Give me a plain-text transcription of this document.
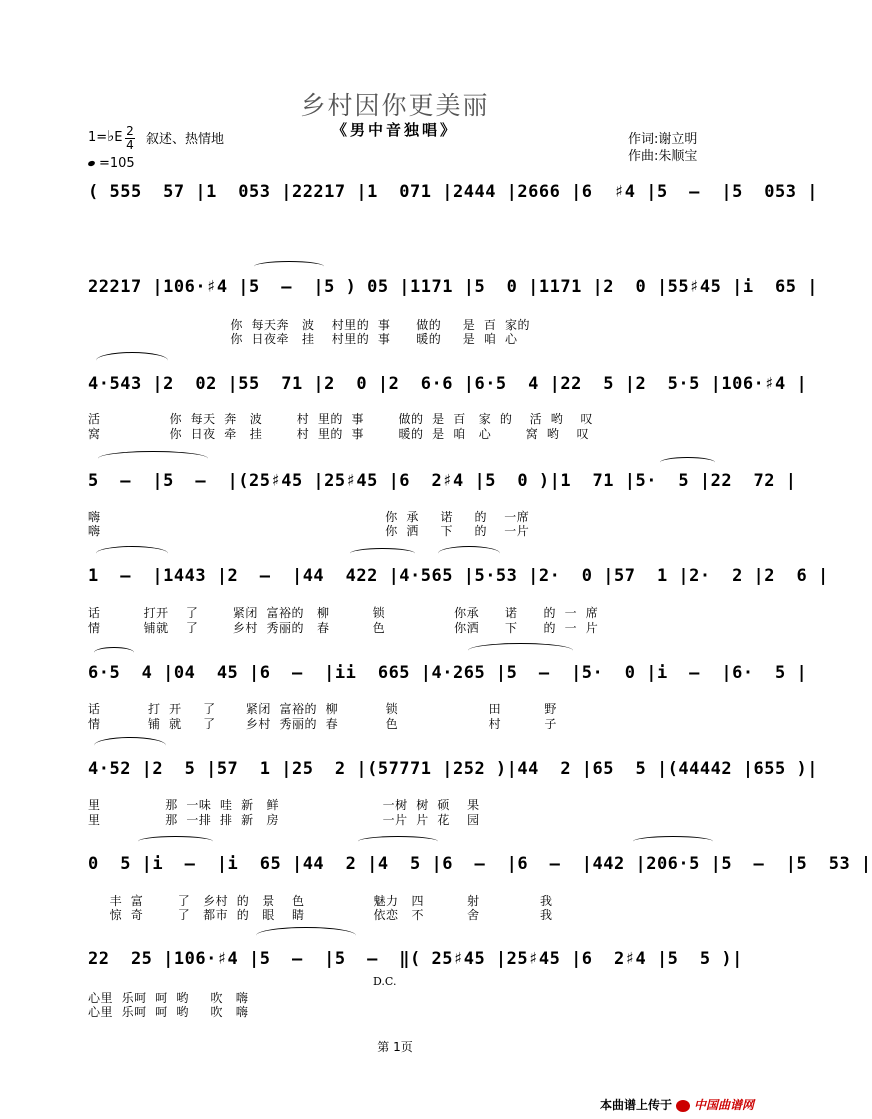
乡村因你更美丽
《男中音独唱》
1=♭E 2
4 叙述、热情地
=105
作词:谢立明
作曲:朱顺宝
( 555  57 |1  053 |22217 |1  071 |2444 |2666 |6  ♯4 |5  —  |5  053 |
22217 |106·♯4 |5  —  |5 ) 05 |1171 |5  0 |1171 |2  0 |55♯45 |i  65 |
你  每天奔   波    村里的  事      做的     是  百  家的
你  日夜牵   挂    村里的  事      暖的     是  咱  心
4·543 |2  02 |55  71 |2  0 |2  6·6 |6·5  4 |22  5 |2  5·5 |106·♯4 |
活                你  每天  奔   波        村  里的  事        做的  是  百   家  的    活  哟    叹
窝                你  日夜  牵   挂        村  里的  事        暖的  是  咱   心        窝  哟    叹
5  —  |5  —  |(25♯45 |25♯45 |6  2♯4 |5  0 )|1  71 |5·  5 |22  72 |
嗨                                                                  你  承     诺     的    一席
嗨                                                                  你  洒     下     的    一片
1  —  |1443 |2  —  |44  422 |4·565 |5·53 |2·  0 |57  1 |2·  2 |2  6 |
话          打开    了        紧闭  富裕的   柳          锁                你承      诺      的  一  席
情          铺就    了        乡村  秀丽的   春          色                你洒      下      的  一  片
6·5  4 |04  45 |6  —  |ii  665 |4·265 |5  —  |5·  0 |i  —  |6·  5 |
话           打  开     了       紧闭  富裕的  柳           锁                     田          野
情           铺  就     了       乡村  秀丽的  春           色                     村          子
4·52 |2  5 |57  1 |25  2 |(57771 |252 )|44  2 |65  5 |(44442 |655 )|
里               那  一味  哇  新   鲜                        一树  树  硕    果
里               那  一排  排  新   房                        一片  片  花    园
0  5 |i  —  |i  65 |44  2 |4  5 |6  —  |6  —  |442 |206·5 |5  —  |5  53 |
丰  富        了   乡村  的   景    色                魅力   四          射              我
惊  奇        了   都市  的   眼    睛                依恋   不          舍              我
22  25 |106·♯4 |5  —  |5  —  ‖( 25♯45 |25♯45 |6  2♯4 |5  5 )|
D.C.
心里  乐呵  呵  哟     吹   嗨
心里  乐呵  呵  哟     吹   嗨
第 1页
本曲谱上传于 中国曲谱网
